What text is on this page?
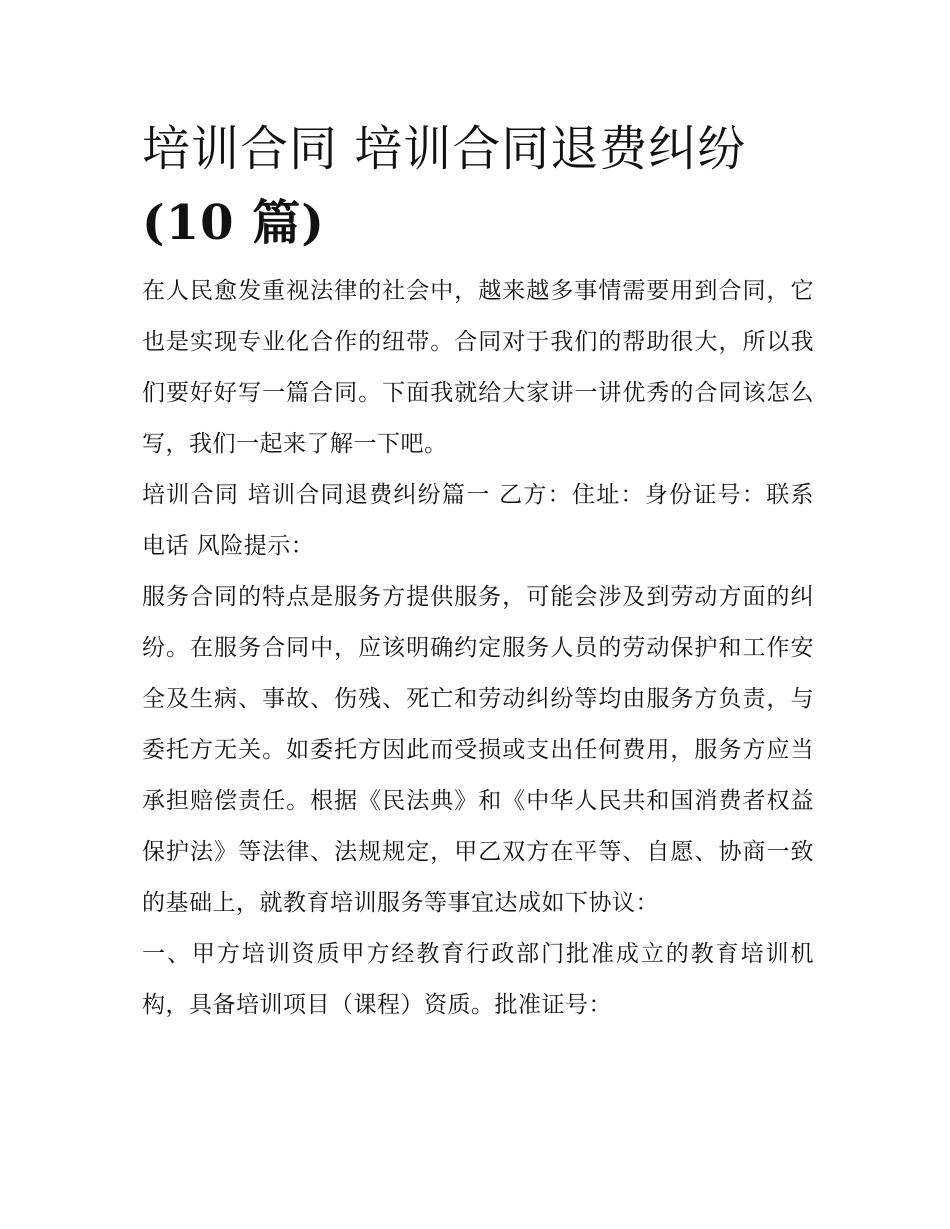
培训合同 培训合同退费纠纷
(10 篇)

在人民愈发重视法律的社会中，越来越多事情需要用到合同，它也是实现专业化合作的纽带。合同对于我们的帮助很大，所以我们要好好写一篇合同。下面我就给大家讲一讲优秀的合同该怎么写，我们一起来了解一下吧。

培训合同 培训合同退费纠纷篇一 乙方：住址：身份证号：联系电话 风险提示：

服务合同的特点是服务方提供服务，可能会涉及到劳动方面的纠纷。在服务合同中，应该明确约定服务人员的劳动保护和工作安全及生病、事故、伤残、死亡和劳动纠纷等均由服务方负责，与委托方无关。如委托方因此而受损或支出任何费用，服务方应当承担赔偿责任。根据《民法典》和《中华人民共和国消费者权益保护法》等法律、法规规定，甲乙双方在平等、自愿、协商一致的基础上，就教育培训服务等事宜达成如下协议：

一、甲方培训资质甲方经教育行政部门批准成立的教育培训机构，具备培训项目（课程）资质。批准证号：
